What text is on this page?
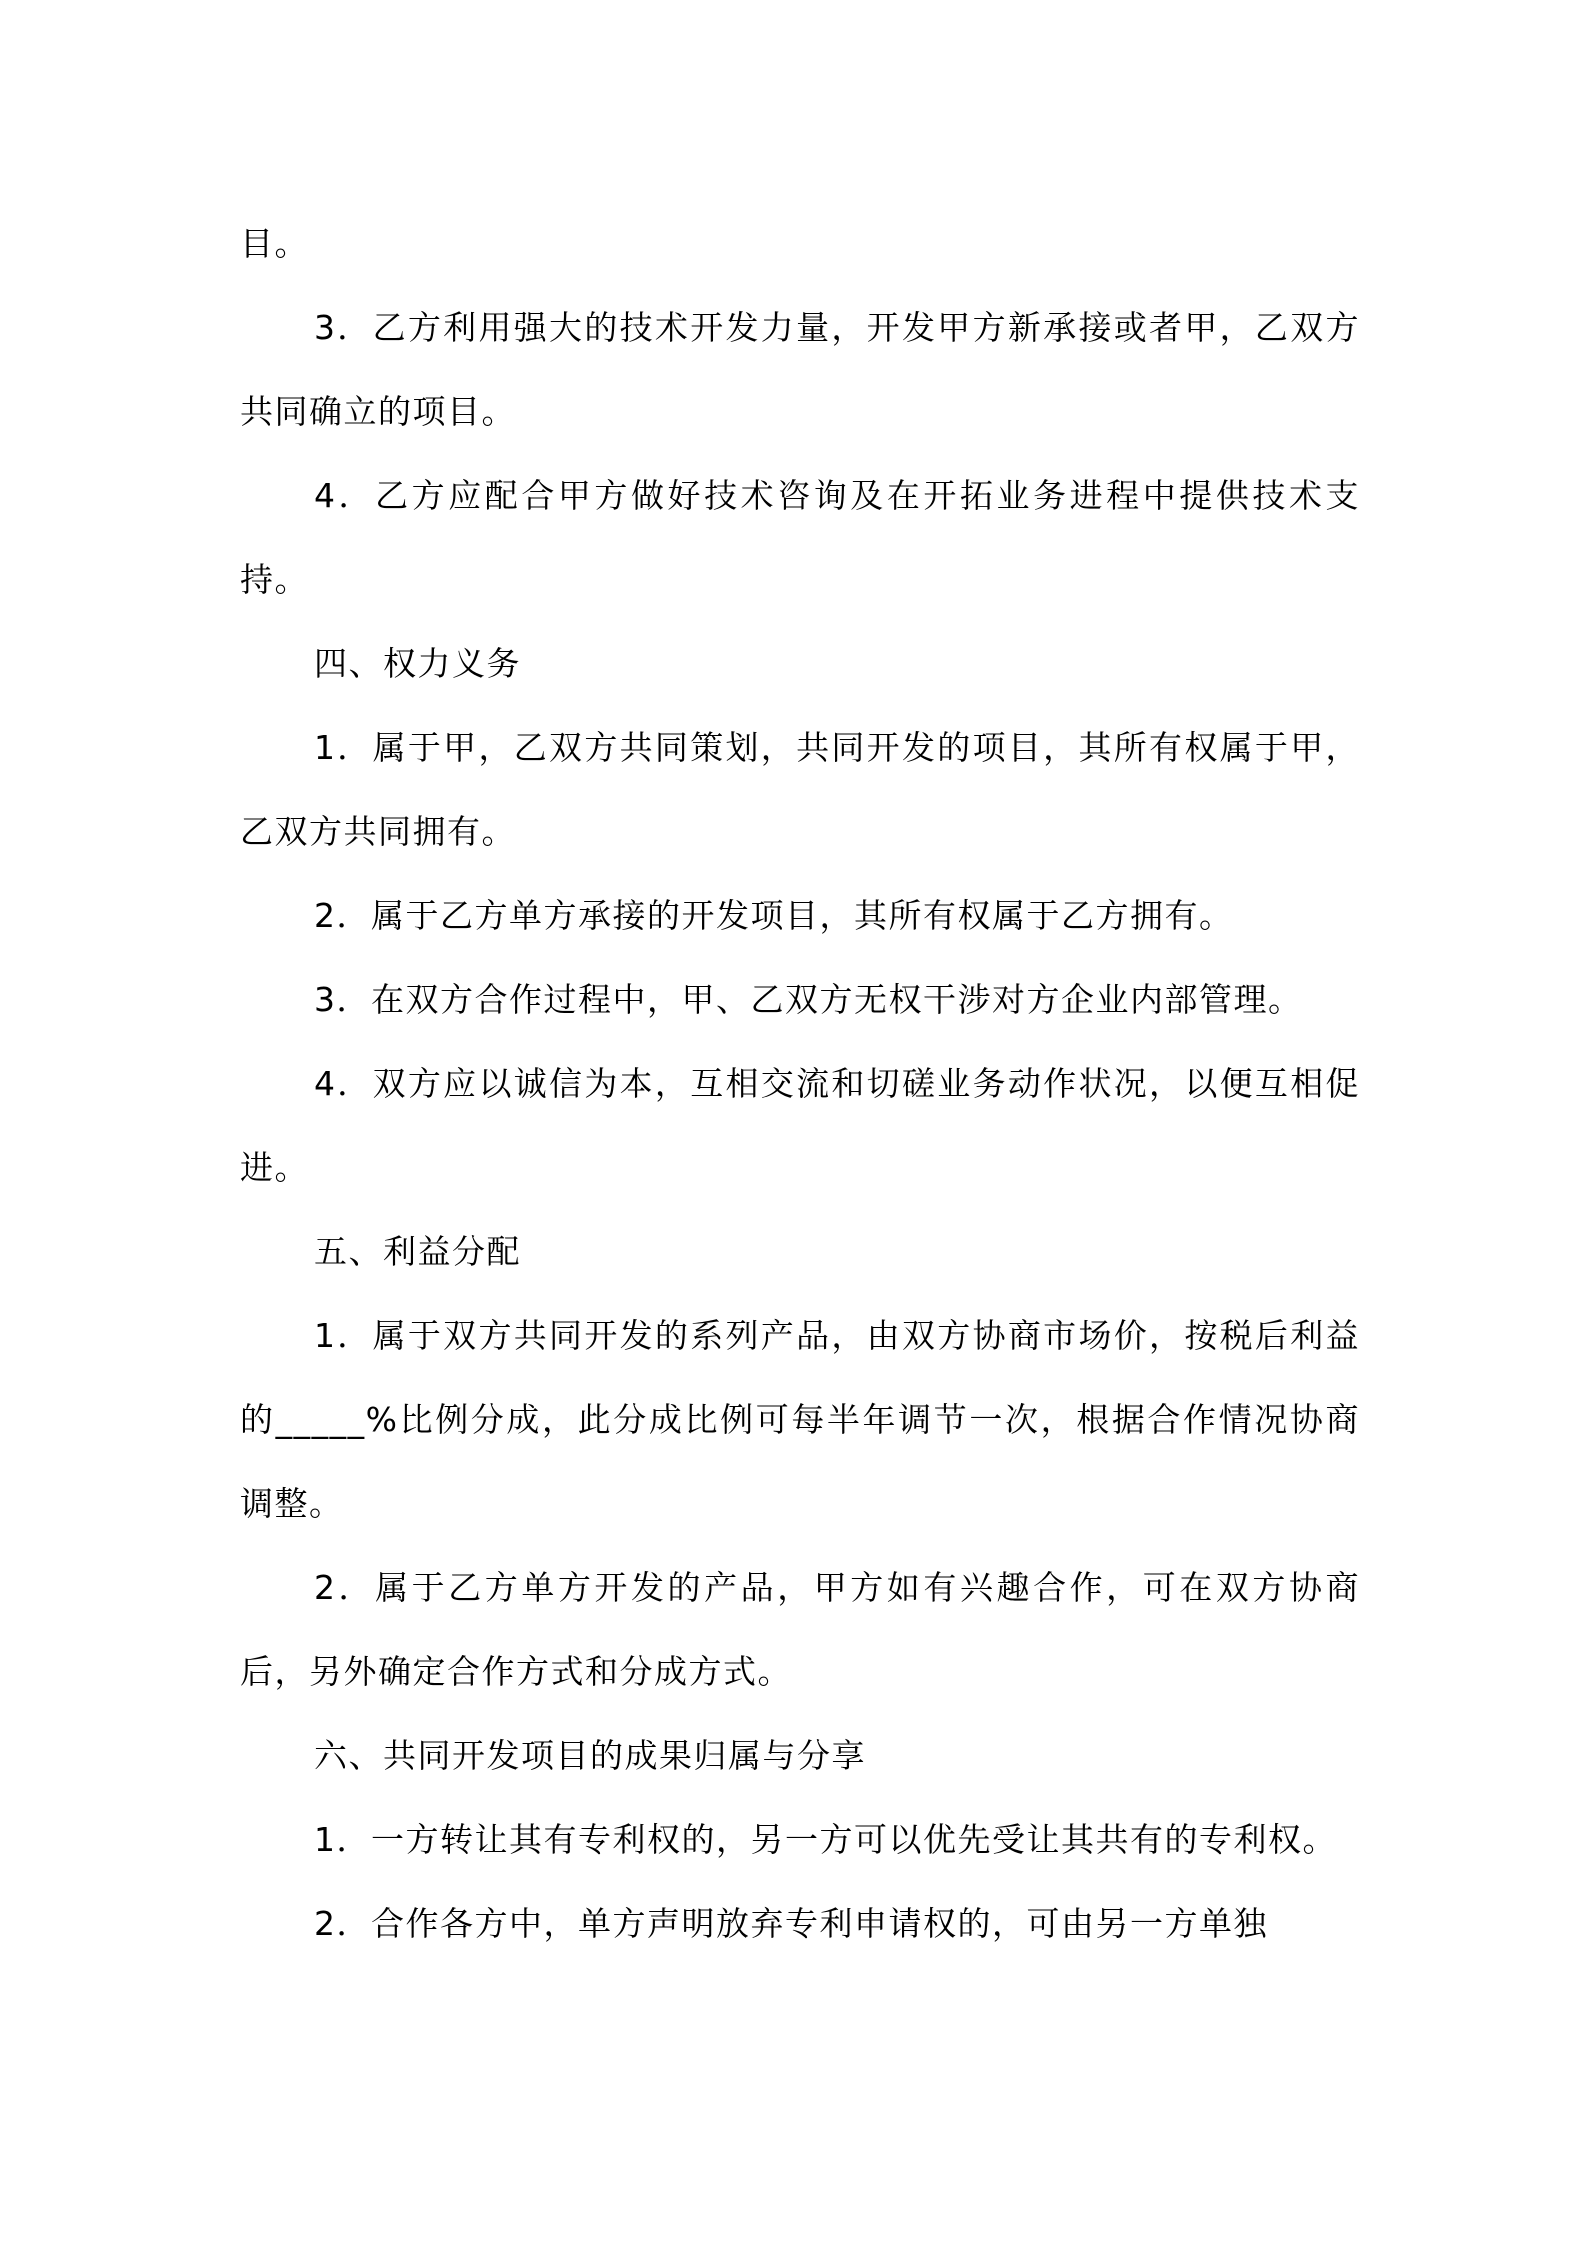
目。

3．乙方利用强大的技术开发力量，开发甲方新承接或者甲，乙双方共同确立的项目。

4．乙方应配合甲方做好技术咨询及在开拓业务进程中提供技术支持。

四、权力义务

1．属于甲，乙双方共同策划，共同开发的项目，其所有权属于甲，乙双方共同拥有。

2．属于乙方单方承接的开发项目，其所有权属于乙方拥有。

3．在双方合作过程中，甲、乙双方无权干涉对方企业内部管理。

4．双方应以诚信为本，互相交流和切磋业务动作状况，以便互相促进。

五、利益分配

1．属于双方共同开发的系列产品，由双方协商市场价，按税后利益的_____%比例分成，此分成比例可每半年调节一次，根据合作情况协商调整。

2．属于乙方单方开发的产品，甲方如有兴趣合作，可在双方协商后，另外确定合作方式和分成方式。

六、共同开发项目的成果归属与分享

1．一方转让其有专利权的，另一方可以优先受让其共有的专利权。

2．合作各方中，单方声明放弃专利申请权的，可由另一方单独
